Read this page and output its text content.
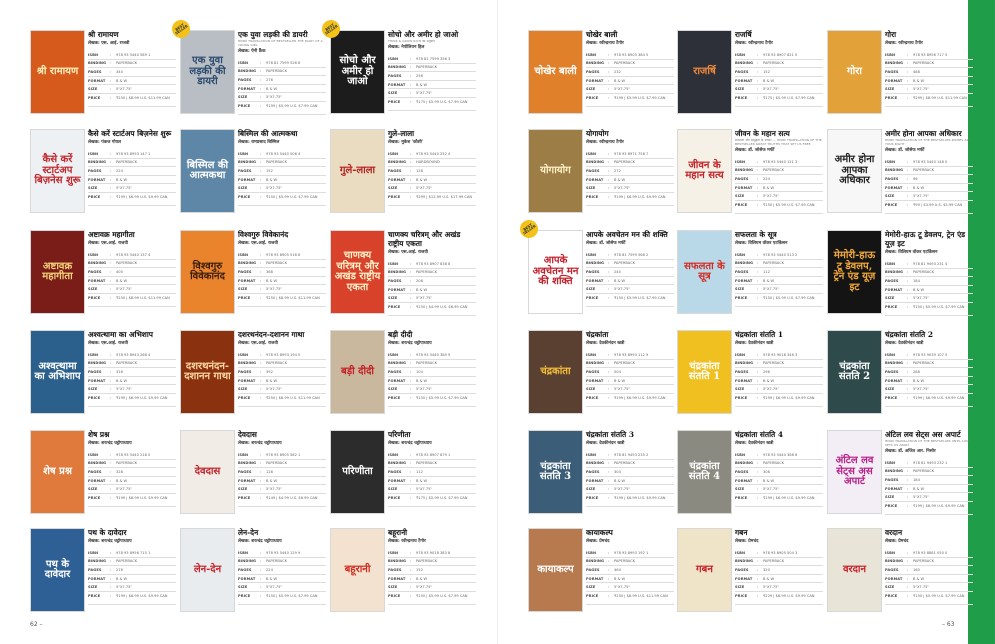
श्री रामायण
श्री रामायण
लेखक: एस. आई. राजवी
ISBN	:	978 93 5440 589 1
BINDING	:	PAPERBACK
PAGES	:	340
FORMAT	:	B & W
SIZE	:	5"X7.75"
PRICE	:	₹250 | $8.99 U.S. $11.99 CAN
एक युवा लड़की की डायरी
BEST SELLER	एक युवा लड़की की डायरी
HINDI TRANSLATION OF BESTSELLER THE DIARY OF A YOUNG GIRL
लेखक: ऐनी फ्रैंक
ISBN	:	978 81 7599 526 6
BINDING	:	PAPERBACK
PAGES	:	276
FORMAT	:	B & W
SIZE	:	5"X7.75"
PRICE	:	₹199 | $5.99 U.S. $7.99 CAN
सोचो और अमीर हो जाओ
BEST SELLER	सोचो और अमीर हो जाओ
THINK & GROW RICH का अनुवाद
लेखक: नेपोलियन हिल
ISBN	:	978 81 7599 356 3
BINDING	:	PAPERBACK
PAGES	:	256
FORMAT	:	B & W
SIZE	:	5"X7.75"
PRICE	:	₹175 | $5.99 U.S. $7.99 CAN
कैसे करें स्टार्टअप बिज़नेस शुरू
कैसे करें स्टार्टअप बिज़नेस शुरू
लेखक: पंकज गोयल
ISBN	:	978 93 8993 147 1
BINDING	:	PAPERBACK
PAGES	:	224
FORMAT	:	B & W
SIZE	:	5"X7.75"
PRICE	:	₹199 | $6.99 U.S. $9.99 CAN
बिस्मिल की आत्मकथा
बिस्मिल की आत्मकथा
लेखक: रामप्रसाद बिस्मिल
ISBN	:	978 93 5440 506 4
BINDING	:	PAPERBACK
PAGES	:	152
FORMAT	:	B & W
SIZE	:	5"X7.75"
PRICE	:	₹150 | $5.99 U.S. $7.99 CAN
गुले-लाला
गुले-लाला
लेखक: मुकेश 'कौशी'
ISBN	:	978 93 5440 252 4
BINDING	:	HARDBOUND
PAGES	:	128
FORMAT	:	B & W
SIZE	:	5"X7.75"
PRICE	:	₹399 | $12.99 U.S. $17.99 CAN
अष्टावक्र महागीता
अष्टावक्र महागीता
लेखक: एस.आई. राजवी
ISBN	:	978 93 5440 137 4
BINDING	:	PAPERBACK
PAGES	:	400
FORMAT	:	B & W
SIZE	:	5"X7.75"
PRICE	:	₹250 | $8.99 U.S. $11.99 CAN
विश्वगुरु विवेकानंद
विश्वगुरु विवेकानंद
लेखक: एस.आई. राजवी
ISBN	:	978 93 8905 516 6
BINDING	:	PAPERBACK
PAGES	:	368
FORMAT	:	B & W
SIZE	:	5"X7.75"
PRICE	:	₹250 | $8.99 U.S. $11.99 CAN
चाणक्य चरित्रम् और अखंड राष्ट्रीय एकता
चाणक्य चरित्रम् और अखंड राष्ट्रीय एकता
लेखक: एस.आई. राजवी
ISBN	:	978 93 8907 838 8
BINDING	:	PAPERBACK
PAGES	:	208
FORMAT	:	B & W
SIZE	:	5"X7.75"
PRICE	:	₹150 | $4.99 U.S. $6.99 CAN
अश्वत्थामा का अभिशाप
अश्वत्थामा का अभिशाप
लेखक: एस.आई. राजवी
ISBN	:	978 93 8943 266 4
BINDING	:	PAPERBACK
PAGES	:	316
FORMAT	:	B & W
SIZE	:	5"X7.75"
PRICE	:	₹199 | $6.99 U.S. $9.99 CAN
दशरथनंदन-दशानन गाथा
दशरथनंदन-दशानन गाथा
लेखक: एस.आई. राजवी
ISBN	:	978 93 8993 194 5
BINDING	:	PAPERBACK
PAGES	:	392
FORMAT	:	B & W
SIZE	:	5"X7.75"
PRICE	:	₹250 | $8.99 U.S. $11.99 CAN
बड़ी दीदी
बड़ी दीदी
लेखक: शरत्चंद्र चट्टोपाध्याय
ISBN	:	978 93 5440 385 9
BINDING	:	PAPERBACK
PAGES	:	104
FORMAT	:	B & W
SIZE	:	5"X7.75"
PRICE	:	₹150 | $5.99 U.S. $7.99 CAN
शेष प्रश्न
शेष प्रश्न
लेखक: शरत्चंद्र चट्टोपाध्याय
ISBN	:	978 93 5440 218 0
BINDING	:	PAPERBACK
PAGES	:	328
FORMAT	:	B & W
SIZE	:	5"X7.75"
PRICE	:	₹199 | $6.99 U.S. $9.99 CAN
देवदास
देवदास
लेखक: शरत्चंद्र चट्टोपाध्याय
ISBN	:	978 93 8905 582 1
BINDING	:	PAPERBACK
PAGES	:	128
FORMAT	:	B & W
SIZE	:	5"X7.75"
PRICE	:	₹149 | $4.99 U.S. $6.99 CAN
परिणीता
परिणीता
लेखक: शरत्चंद्र चट्टोपाध्याय
ISBN	:	978 93 8907 879 1
BINDING	:	PAPERBACK
PAGES	:	112
FORMAT	:	B & W
SIZE	:	5"X7.75"
PRICE	:	₹175 | $5.99 U.S. $7.99 CAN
पथ के दावेदार
पथ के दावेदार
लेखक: शरत्चंद्र चट्टोपाध्याय
ISBN	:	978 93 8956 715 1
BINDING	:	PAPERBACK
PAGES	:	276
FORMAT	:	B & W
SIZE	:	5"X7.75"
PRICE	:	₹199 | $6.99 U.S. $9.99 CAN
लेन-देन
लेन-देन
लेखक: शरत्चंद्र चट्टोपाध्याय
ISBN	:	978 93 5440 129 9
BINDING	:	PAPERBACK
PAGES	:	224
FORMAT	:	B & W
SIZE	:	5"X7.75"
PRICE	:	₹150 | $5.99 U.S. $7.99 CAN
बहूरानी
बहूरानी
लेखक: रवीन्द्रनाथ टैगोर
ISBN	:	978 93 9018 383 8
BINDING	:	PAPERBACK
PAGES	:	152
FORMAT	:	B & W
SIZE	:	5"X7.75"
PRICE	:	₹150 | $5.99 U.S. $7.99 CAN
चोखेर बाली
चोखेर बाली
लेखक: रवीन्द्रनाथ टैगोर
ISBN	:	978 93 8905 384 5
BINDING	:	PAPERBACK
PAGES	:	232
FORMAT	:	B & W
SIZE	:	5"X7.75"
PRICE	:	₹199 | $5.99 U.S. $7.99 CAN
राजर्षि
राजर्षि
लेखक: रवीन्द्रनाथ टैगोर
ISBN	:	978 93 8907 821 0
BINDING	:	PAPERBACK
PAGES	:	152
FORMAT	:	B & W
SIZE	:	5"X7.75"
PRICE	:	₹175 | $5.99 U.S. $7.99 CAN
गोरा
गोरा
लेखक: रवीन्द्रनाथ टैगोर
ISBN	:	978 93 8956 717 5
BINDING	:	PAPERBACK
PAGES	:	488
FORMAT	:	B & W
SIZE	:	5"X7.75"
PRICE	:	₹299 | $8.99 U.S. $11.99 CAN
योगायोग
योगायोग
लेखक: रवीन्द्रनाथ टैगोर
ISBN	:	978 93 8971 758 7
BINDING	:	PAPERBACK
PAGES	:	272
FORMAT	:	B & W
SIZE	:	5"X7.75"
PRICE	:	₹199 | $6.99 U.S. $9.99 CAN
जीवन के महान सत्य
जीवन के महान सत्य
सफलता और समृद्धता के आधार — HINDI TRANSLATION OF THE BESTSELLER GREAT TRUTHS THAT SET US FREE
लेखक: डॉ. जोसेफ मर्फी
ISBN	:	978 93 5440 121 3
BINDING	:	PAPERBACK
PAGES	:	224
FORMAT	:	B & W
SIZE	:	5"X7.75"
PRICE	:	₹150 | $5.99 U.S. $7.99 CAN
अमीर होना आपका अधिकार
अमीर होना आपका अधिकार
HINDI TRANSLATION OF THE BESTSELLER RICHES ARE YOUR RIGHT
लेखक: डॉ. जोसेफ मर्फी
ISBN	:	978 93 5440 148 0
BINDING	:	PAPERBACK
PAGES	:	96
FORMAT	:	B & W
SIZE	:	5"X7.75"
PRICE	:	₹99 | $3.99 U.S. $5.99 CAN
आपके अवचेतन मन की शक्ति
BEST SELLER	आपके अवचेतन मन की शक्ति
लेखक: डॉ. जोसेफ मर्फी
ISBN	:	978 81 7599 566 2
BINDING	:	PAPERBACK
PAGES	:	240
FORMAT	:	B & W
SIZE	:	5"X7.75"
PRICE	:	₹150 | $5.99 U.S. $7.99 CAN
सफलता के सूत्र
सफलता के सूत्र
लेखक: विलियम वॉकर एटकिंसन
ISBN	:	978 93 5440 513 2
BINDING	:	PAPERBACK
PAGES	:	112
FORMAT	:	B & W
SIZE	:	5"X7.75"
PRICE	:	₹150 | $5.99 U.S. $7.99 CAN
मेमोरी-हाऊ टू डेवलप, ट्रेन एंड यूज़ इट
मेमोरी-हाऊ टू डेवलप, ट्रेन एंड यूज़ इट
लेखक: विलियम वॉकर एटकिंसन
ISBN	:	978 81 9493 231 4
BINDING	:	PAPERBACK
PAGES	:	184
FORMAT	:	B & W
SIZE	:	5"X7.75"
PRICE	:	₹150 | $5.99 U.S. $7.99 CAN
चंद्रकांता
चंद्रकांता
लेखक: देवकीनंदन खत्री
ISBN	:	978 93 8993 112 9
BINDING	:	PAPERBACK
PAGES	:	504
FORMAT	:	B & W
SIZE	:	5"X7.75"
PRICE	:	₹199 | $6.99 U.S. $9.99 CAN
चंद्रकांता संतति 1
चंद्रकांता संतति 1
लेखक: देवकीनंदन खत्री
ISBN	:	978 93 9018 346 3
BINDING	:	PAPERBACK
PAGES	:	296
FORMAT	:	B & W
SIZE	:	5"X7.75"
PRICE	:	₹199 | $6.99 U.S. $9.99 CAN
चंद्रकांता संतति 2
चंद्रकांता संतति 2
लेखक: देवकीनंदन खत्री
ISBN	:	978 93 9039 107 5
BINDING	:	PAPERBACK
PAGES	:	288
FORMAT	:	B & W
SIZE	:	5"X7.75"
PRICE	:	₹199 | $6.99 U.S. $9.99 CAN
चंद्रकांता संतति 3
चंद्रकांता संतति 3
लेखक: देवकीनंदन खत्री
ISBN	:	978 81 9493 235 2
BINDING	:	PAPERBACK
PAGES	:	304
FORMAT	:	B & W
SIZE	:	5"X7.75"
PRICE	:	₹199 | $6.99 U.S. $9.99 CAN
चंद्रकांता संतति 4
चंद्रकांता संतति 4
लेखक: देवकीनंदन खत्री
ISBN	:	978 93 5440 386 6
BINDING	:	PAPERBACK
PAGES	:	308
FORMAT	:	B & W
SIZE	:	5"X7.75"
PRICE	:	₹199 | $6.99 U.S. $9.99 CAN
अंटिल लव सेट्स अस अपार्ट
अंटिल लव सेट्स अस अपार्ट
HINDI TRANSLATION OF THE BESTSELLER UNTIL LOVE SETS US APART
लेखक: डॉ. अजित आर. निसोर
ISBN	:	978 81 9493 232 1
BINDING	:	PAPERBACK
PAGES	:	184
FORMAT	:	B & W
SIZE	:	5"X7.75"
PRICE	:	₹199 | $6.99 U.S. $9.99 CAN
कायाकल्प
कायाकल्प
लेखक: प्रेमचंद
ISBN	:	978 93 8993 192 1
BINDING	:	PAPERBACK
PAGES	:	464
FORMAT	:	B & W
SIZE	:	5"X7.75"
PRICE	:	₹250 | $8.99 U.S. $11.99 CAN
गबन
गबन
लेखक: प्रेमचंद
ISBN	:	978 93 8905 504 3
BINDING	:	PAPERBACK
PAGES	:	320
FORMAT	:	B & W
SIZE	:	5"X7.75"
PRICE	:	₹229 | $6.99 U.S. $9.99 CAN
वरदान
वरदान
लेखक: प्रेमचंद
ISBN	:	978 93 8881 050 0
BINDING	:	PAPERBACK
PAGES	:	160
FORMAT	:	B & W
SIZE	:	5"X7.75"
PRICE	:	₹150 | $5.99 U.S. $7.99 CAN
62 –	– 63
